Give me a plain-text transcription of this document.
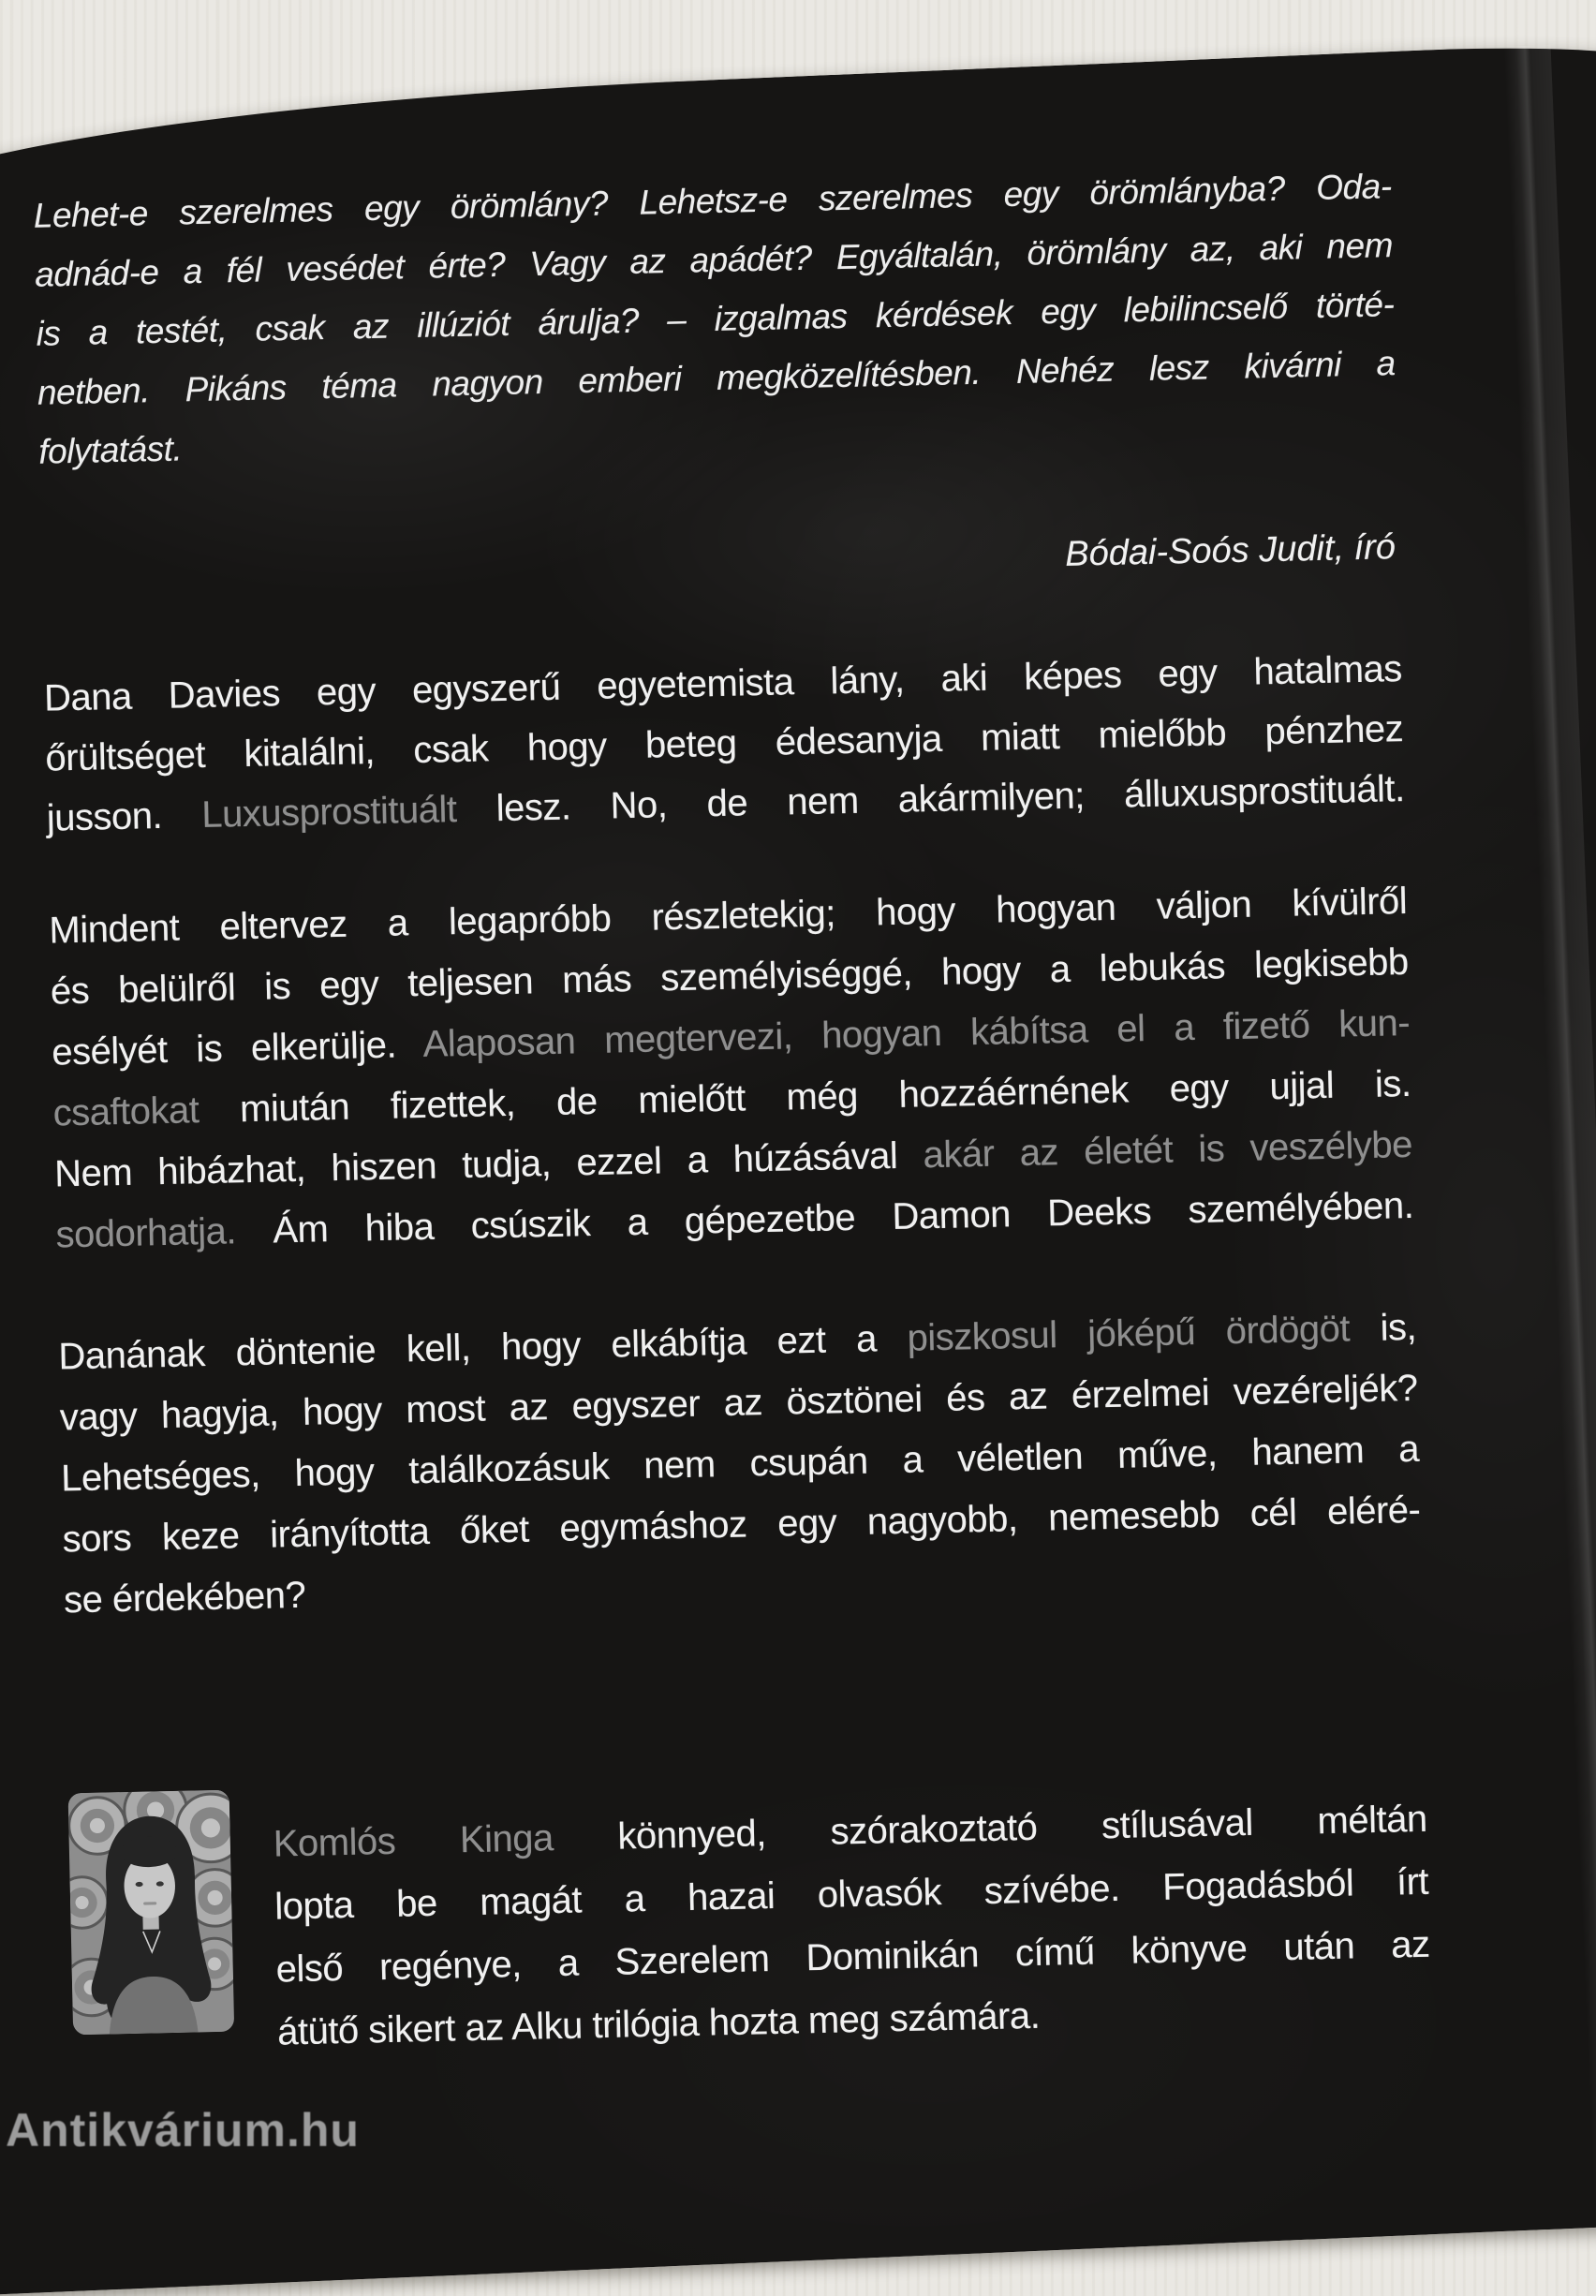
Lehet-e szerelmes egy örömlány? Lehetsz-e szerelmes egy örömlányba? Oda-
adnád-e a fél vesédet érte? Vagy az apádét? Egyáltalán, örömlány az, aki nem
is a testét, csak az illúziót árulja? – izgalmas kérdések egy lebilincselő törté-
netben. Pikáns téma nagyon emberi megközelítésben. Nehéz lesz kivárni a
folytatást.
Bódai-Soós Judit, író
Dana Davies egy egyszerű egyetemista lány, aki képes egy hatalmas
őrültséget kitalálni, csak hogy beteg édesanyja miatt mielőbb pénzhez
jusson. Luxusprostituált lesz. No, de nem akármilyen; álluxusprostituált.
Mindent eltervez a legapróbb részletekig; hogy hogyan váljon kívülről
és belülről is egy teljesen más személyiséggé, hogy a lebukás legkisebb
esélyét is elkerülje. Alaposan megtervezi, hogyan kábítsa el a fizető kun-
csaftokat miután fizettek, de mielőtt még hozzáérnének egy ujjal is.
Nem hibázhat, hiszen tudja, ezzel a húzásával akár az életét is veszélybe
sodorhatja. Ám hiba csúszik a gépezetbe Damon Deeks személyében.
Danának döntenie kell, hogy elkábítja ezt a piszkosul jóképű ördögöt is,
vagy hagyja, hogy most az egyszer az ösztönei és az érzelmei vezéreljék?
Lehetséges, hogy találkozásuk nem csupán a véletlen műve, hanem a
sors keze irányította őket egymáshoz egy nagyobb, nemesebb cél eléré-
se érdekében?
Komlós Kinga könnyed, szórakoztató stílusával méltán
lopta be magát a hazai olvasók szívébe. Fogadásból írt
első regénye, a Szerelem Dominikán című könyve után az
átütő sikert az Alku trilógia hozta meg számára.
Antikvárium.hu
